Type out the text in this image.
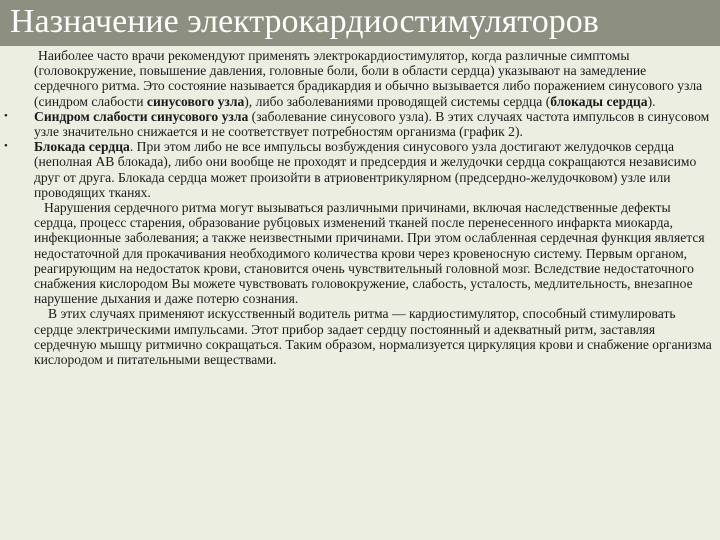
Назначение электрокардиостимуляторов

Наиболее часто врачи рекомендуют применять электрокардиостимулятор, когда различные симптомы (головокружение, повышение давления, головные боли, боли в области сердца) указывают на замедление сердечного ритма. Это состояние называется брадикардия и обычно вызывается либо поражением синусового узла (синдром слабости синусового узла), либо заболеваниями проводящей системы сердца (блокады сердца).

• Синдром слабости синусового узла (заболевание синусового узла). В этих случаях частота импульсов в синусовом узле значительно снижается и не соответствует потребностям организма (график 2).

• Блокада сердца. При этом либо не все импульсы возбуждения синусового узла достигают желудочков сердца (неполная АВ блокада), либо они вообще не проходят и предсердия и желудочки сердца сокращаются независимо друг от друга. Блокада сердца может произойти в атриовентрикулярном (предсердно-желудочковом) узле или проводящих тканях.

Нарушения сердечного ритма могут вызываться различными причинами, включая наследственные дефекты сердца, процесс старения, образование рубцовых изменений тканей после перенесенного инфаркта миокарда, инфекционные заболевания; а также неизвестными причинами. При этом ослабленная сердечная функция является недостаточной для прокачивания необходимого количества крови через кровеносную систему. Первым органом, реагирующим на недостаток крови, становится очень чувствительный головной мозг. Вследствие недостаточного снабжения кислородом Вы можете чувствовать головокружение, слабость, усталость, медлительность, внезапное нарушение дыхания и даже потерю сознания.

В этих случаях применяют искусственный водитель ритма — кардиостимулятор, способный стимулировать сердце электрическими импульсами. Этот прибор задает сердцу постоянный и адекватный ритм, заставляя сердечную мышцу ритмично сокращаться. Таким образом, нормализуется циркуляция крови и снабжение организма кислородом и питательными веществами.
